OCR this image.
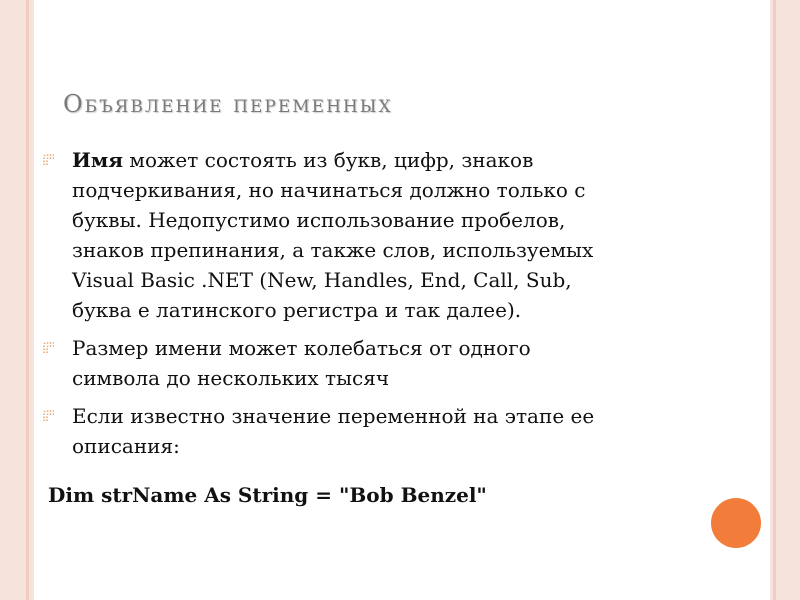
Объявление переменных
Имя может состоять из букв, цифр, знаков подчеркивания, но начинаться должно только с буквы. Недопустимо использование пробелов, знаков препинания, а также слов, используемых Visual Basic .NET (New, Handles, End, Call, Sub, буква е латинского регистра и так далее).
Размер имени может колебаться от одного символа до нескольких тысяч
Если известно значение переменной на этапе ее описания:
Dim strName As String = "Bob Benzel"
